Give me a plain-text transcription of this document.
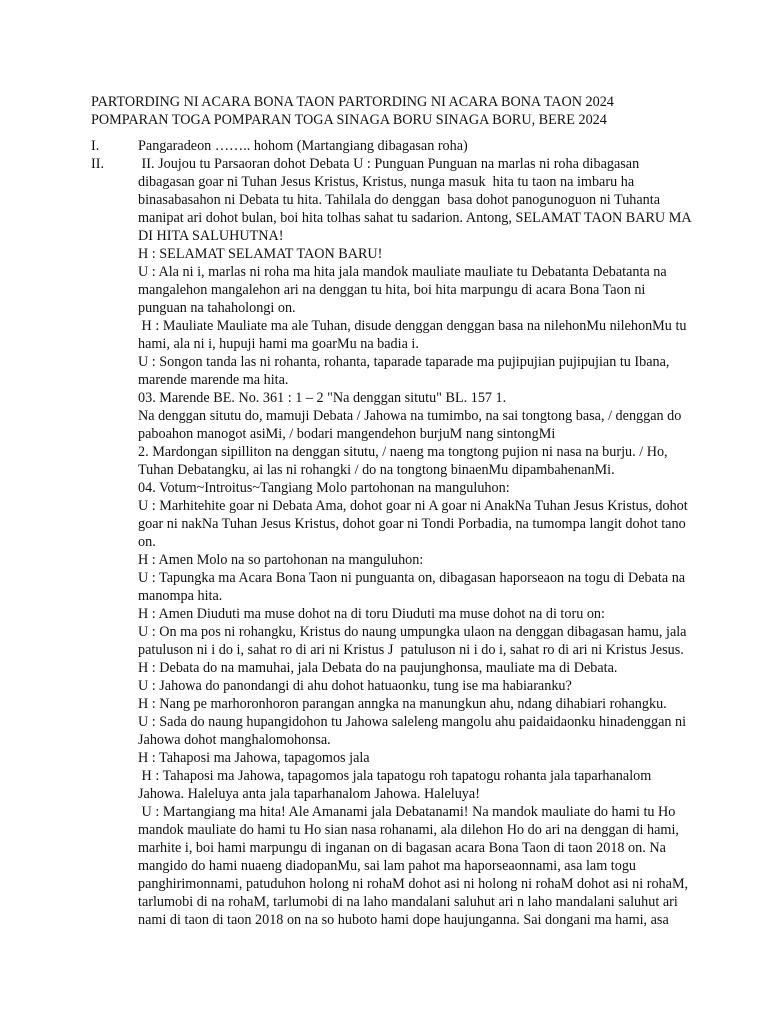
PARTORDING NI ACARA BONA TAON PARTORDING NI ACARA BONA TAON 2024
POMPARAN TOGA POMPARAN TOGA SINAGA BORU SINAGA BORU, BERE 2024
I.	Pangaradeon …….. hohom (Martangiang dibagasan roha)
II. II. Joujou tu Parsaoran dohot Debata U : Punguan Punguan na marlas ni roha dibagasan dibagasan goar ni Tuhan Jesus Kristus, Kristus, nunga masuk  hita tu taon na imbaru ha binasabasahon ni Debata tu hita. Tahilala do denggan  basa dohot panogunoguon ni Tuhanta manipat ari dohot bulan, boi hita tolhas sahat tu sadarion. Antong, SELAMAT TAON BARU MA DI HITA SALUHUTNA!
H : SELAMAT SELAMAT TAON BARU!
U : Ala ni i, marlas ni roha ma hita jala mandok mauliate mauliate tu Debatanta Debatanta na mangalehon mangalehon ari na denggan tu hita, boi hita marpungu di acara Bona Taon ni punguan na tahaholongi on.
H : Mauliate Mauliate ma ale Tuhan, disude denggan denggan basa na nilehonMu nilehonMu tu hami, ala ni i, hupuji hami ma goarMu na badia i.
U : Songon tanda las ni rohanta, rohanta, taparade taparade ma pujipujian pujipujian tu Ibana, marende marende ma hita.
03. Marende BE. No. 361 : 1 – 2 "Na denggan situtu" BL. 157 1.
Na denggan situtu do, mamuji Debata / Jahowa na tumimbo, na sai tongtong basa, / denggan do paboahon manogot asiMi, / bodari mangendehon burjuM nang sintongMi
2. Mardongan sipilliton na denggan situtu, / naeng ma tongtong pujion ni nasa na burju. / Ho, Tuhan Debatangku, ai las ni rohangki / do na tongtong binaenMu dipambahenanMi.
04. Votum~Introitus~Tangiang Molo partohonan na manguluhon:
U : Marhitehite goar ni Debata Ama, dohot goar ni A goar ni AnakNa Tuhan Jesus Kristus, dohot goar ni nakNa Tuhan Jesus Kristus, dohot goar ni Tondi Porbadia, na tumompa langit dohot tano on.
H : Amen Molo na so partohonan na manguluhon:
U : Tapungka ma Acara Bona Taon ni punguanta on, dibagasan haporseaon na togu di Debata na manompa hita.
H : Amen Diuduti ma muse dohot na di toru Diuduti ma muse dohot na di toru on:
U : On ma pos ni rohangku, Kristus do naung umpungka ulaon na denggan dibagasan hamu, jala patuluson ni i do i, sahat ro di ari ni Kristus J  patuluson ni i do i, sahat ro di ari ni Kristus Jesus.
H : Debata do na mamuhai, jala Debata do na paujunghonsa, mauliate ma di Debata.
U : Jahowa do panondangi di ahu dohot hatuaonku, tung ise ma habiaranku?
H : Nang pe marhoronhoron parangan anngka na manungkun ahu, ndang dihabiari rohangku.
U : Sada do naung hupangidohon tu Jahowa saleleng mangolu ahu paidaidaonku hinadenggan ni Jahowa dohot manghalomohonsa.
H : Tahaposi ma Jahowa, tapagomos jala
H : Tahaposi ma Jahowa, tapagomos jala tapatogu roh tapatogu rohanta jala taparhanalom Jahowa. Haleluya anta jala taparhanalom Jahowa. Haleluya!
U : Martangiang ma hita! Ale Amanami jala Debatanami! Na mandok mauliate do hami tu Ho mandok mauliate do hami tu Ho sian nasa rohanami, ala dilehon Ho do ari na denggan di hami, marhite i, boi hami marpungu di inganan on di bagasan acara Bona Taon di taon 2018 on. Na mangido do hami nuaeng diadopanMu, sai lam pahot ma haporseaonnami, asa lam togu panghirimonnami, patuduhon holong ni rohaM dohot asi ni holong ni rohaM dohot asi ni rohaM, tarlumobi di na rohaM, tarlumobi di na laho mandalani saluhut ari n laho mandalani saluhut ari nami di taon di taon 2018 on na so huboto hami dope haujunganna. Sai dongani ma hami, asa
